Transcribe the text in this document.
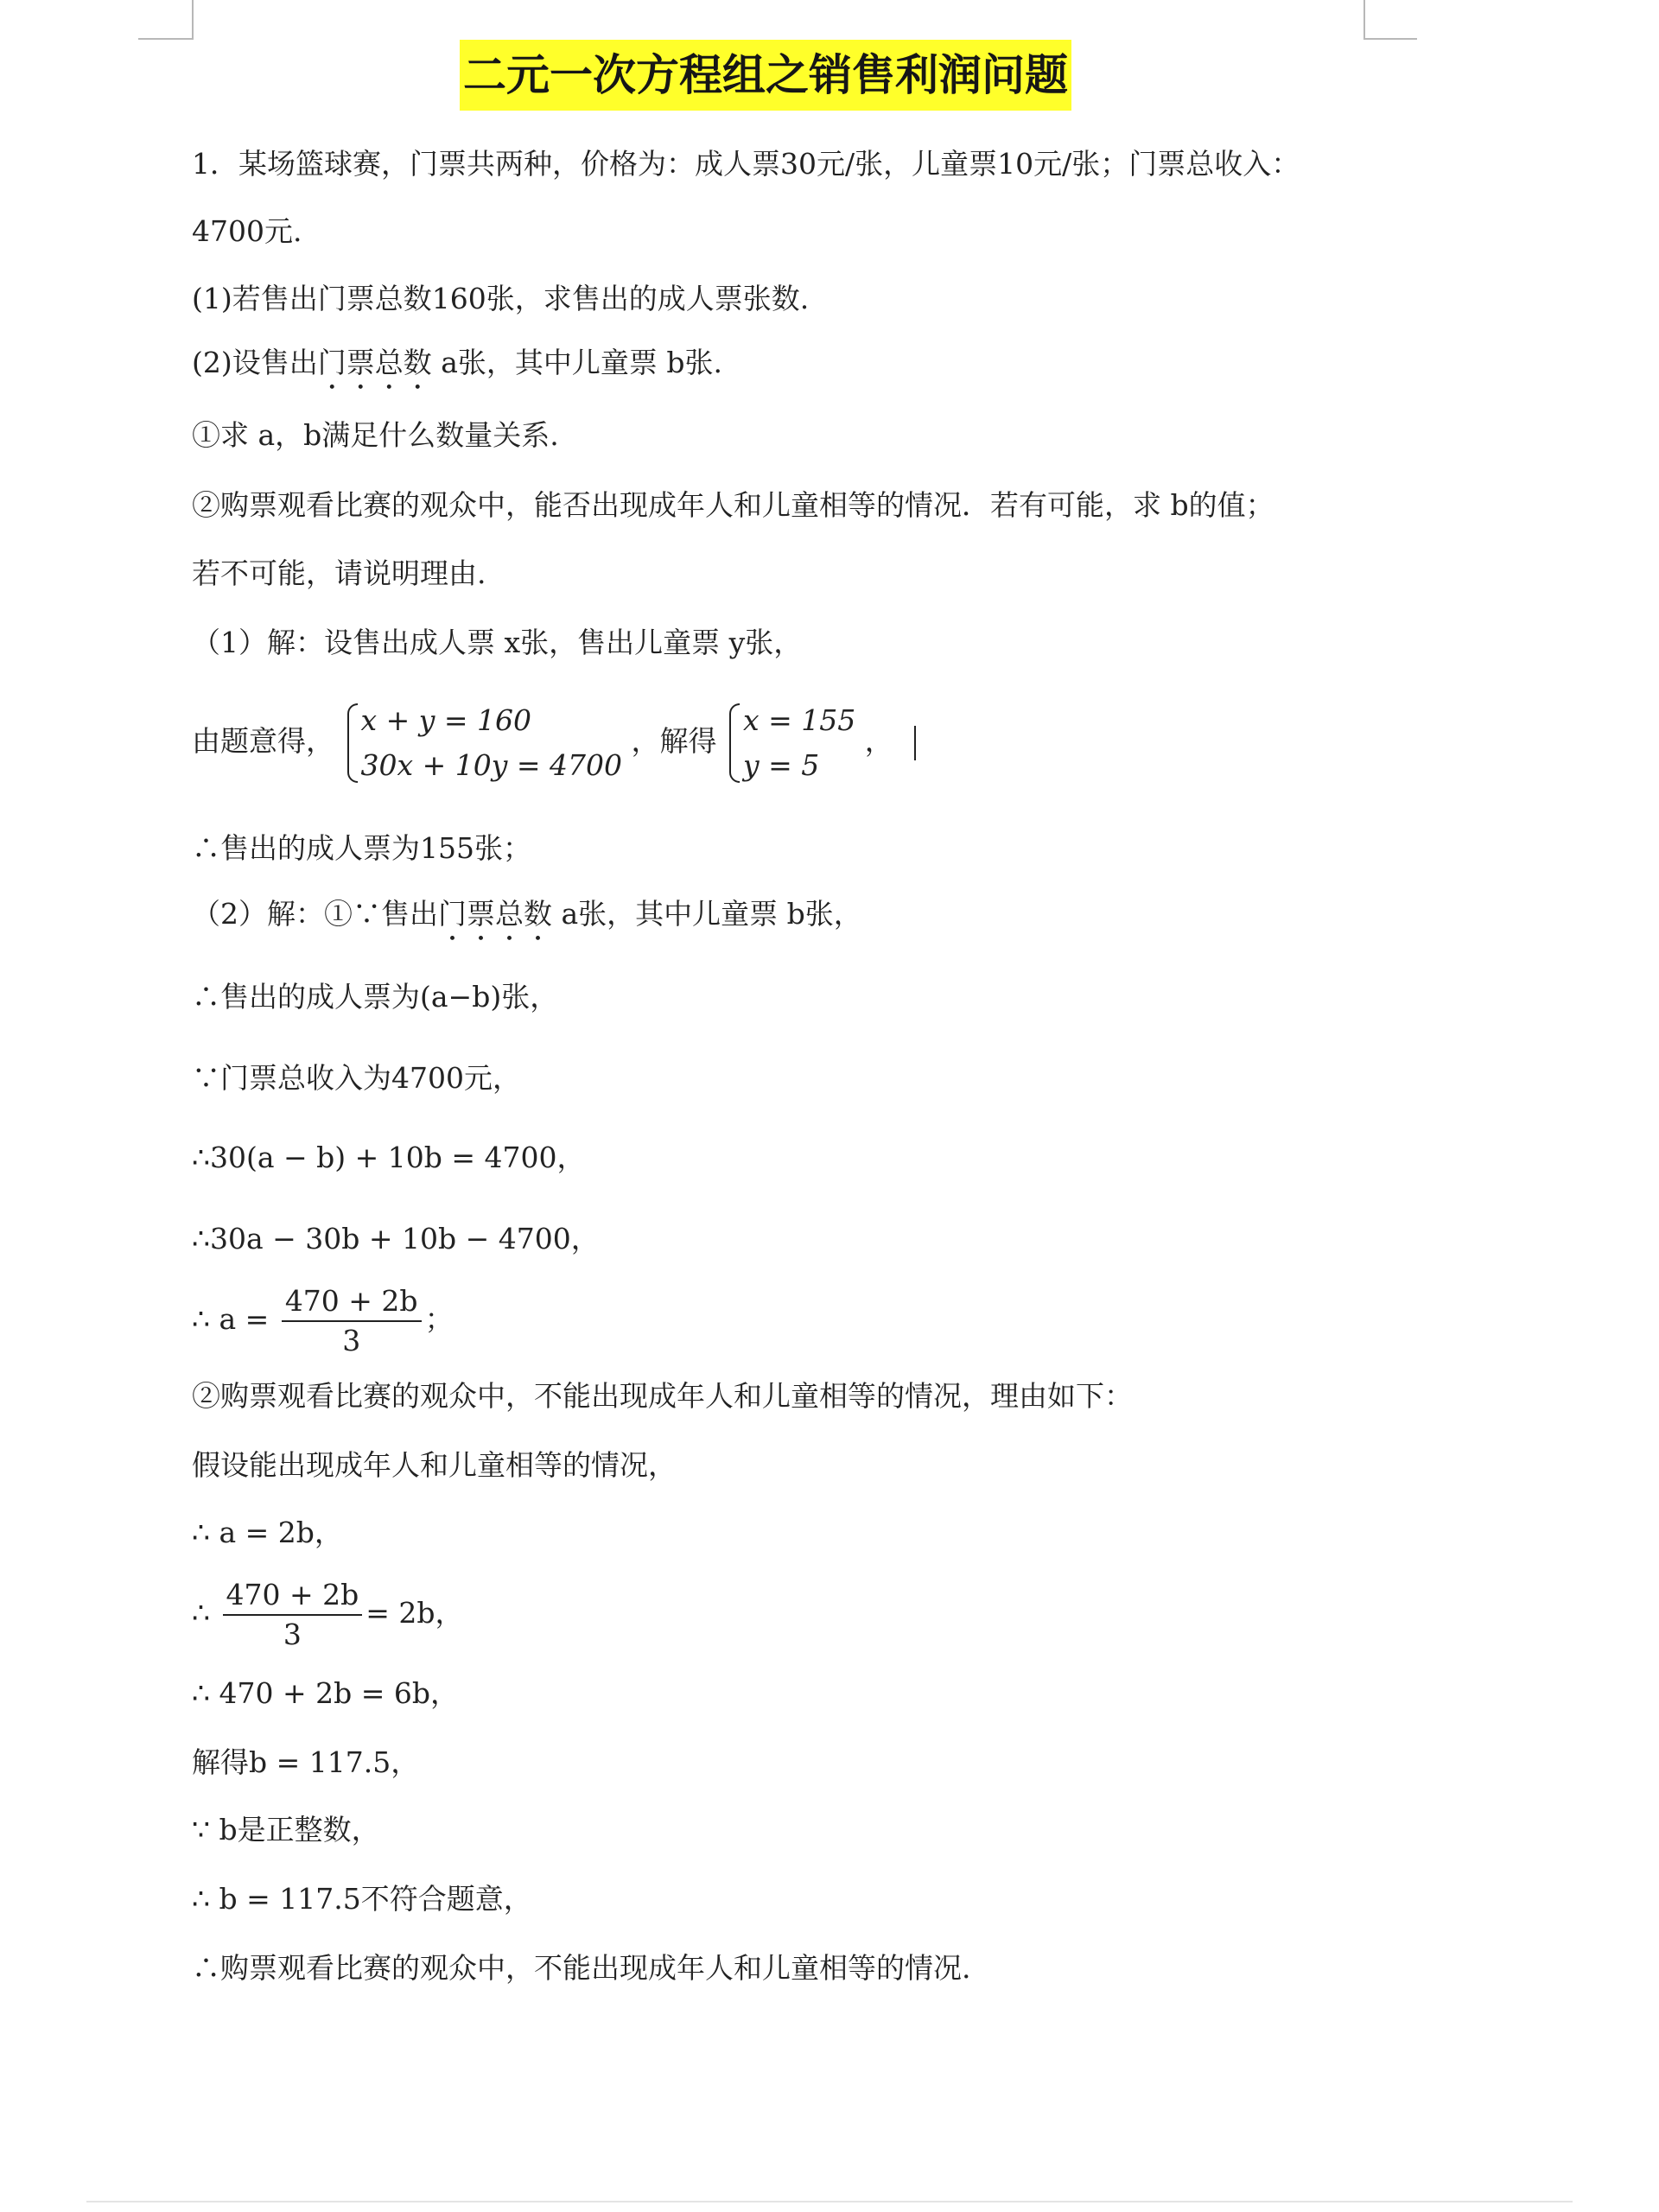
二元一次方程组之销售利润问题
1．某场篮球赛，门票共两种，价格为：成人票30元/张，儿童票10元/张；门票总收入：
4700元.
(1)若售出门票总数160张，求售出的成人票张数.
(2)设售出门票总数 a张，其中儿童票 b张.
①求 a，b满足什么数量关系.
②购票观看比赛的观众中，能否出现成年人和儿童相等的情况．若有可能，求 b的值；
若不可能，请说明理由.
（1）解：设售出成人票 x张，售出儿童票 y张，
由题意得，
x + y = 160
30x + 10y = 4700
，解得
x = 155
y = 5
，
∴售出的成人票为155张；
（2）解：①∵售出门票总数 a张，其中儿童票 b张，
∴售出的成人票为(a−b)张，
∵门票总收入为4700元，
∴30(a − b) + 10b = 4700，
∴30a − 30b + 10b − 4700，
∴ $a = \frac{470 + 2b}{3}$ ；
②购票观看比赛的观众中，不能出现成年人和儿童相等的情况，理由如下：
假设能出现成年人和儿童相等的情况，
∴ a = 2b，
∴ $\frac{470 + 2b}{3} = 2b$，
∴ 470 + 2b = 6b，
解得b = 117.5，
∵ b是正整数，
∴ b = 117.5不符合题意，
∴购票观看比赛的观众中，不能出现成年人和儿童相等的情况.
